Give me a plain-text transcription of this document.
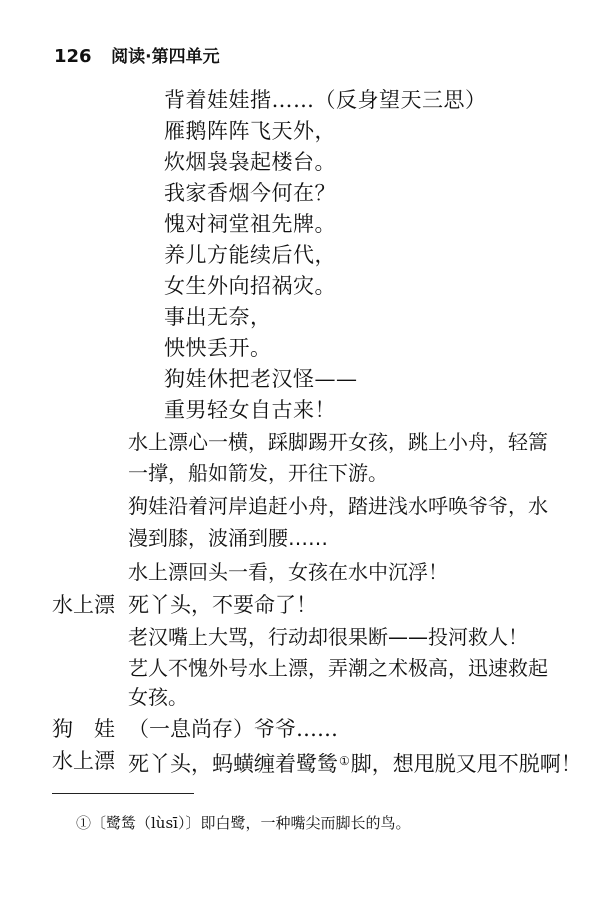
126 阅读·第四单元
背着娃娃揩……（反身望天三思）
雁鹅阵阵飞天外，
炊烟袅袅起楼台。
我家香烟今何在？
愧对祠堂祖先牌。
养儿方能续后代，
女生外向招祸灾。
事出无奈，
怏怏丢开。
狗娃休把老汉怪——
重男轻女自古来！
水上漂心一横，踩脚踢开女孩，跳上小舟，轻篙
一撑，船如箭发，开往下游。
狗娃沿着河岸追赶小舟，踏进浅水呼唤爷爷，水
漫到膝，波涌到腰……
水上漂回头一看，女孩在水中沉浮！
水上漂 死丫头，不要命了！
老汉嘴上大骂，行动却很果断——投河救人！
艺人不愧外号水上漂，弄潮之术极高，迅速救起
女孩。
狗　娃 （一息尚存）爷爷……
水上漂 死丫头，蚂蟥缠着鹭鸶①脚，想甩脱又甩不脱啊！
①〔鹭鸶（lùsī）〕即白鹭，一种嘴尖而脚长的鸟。
